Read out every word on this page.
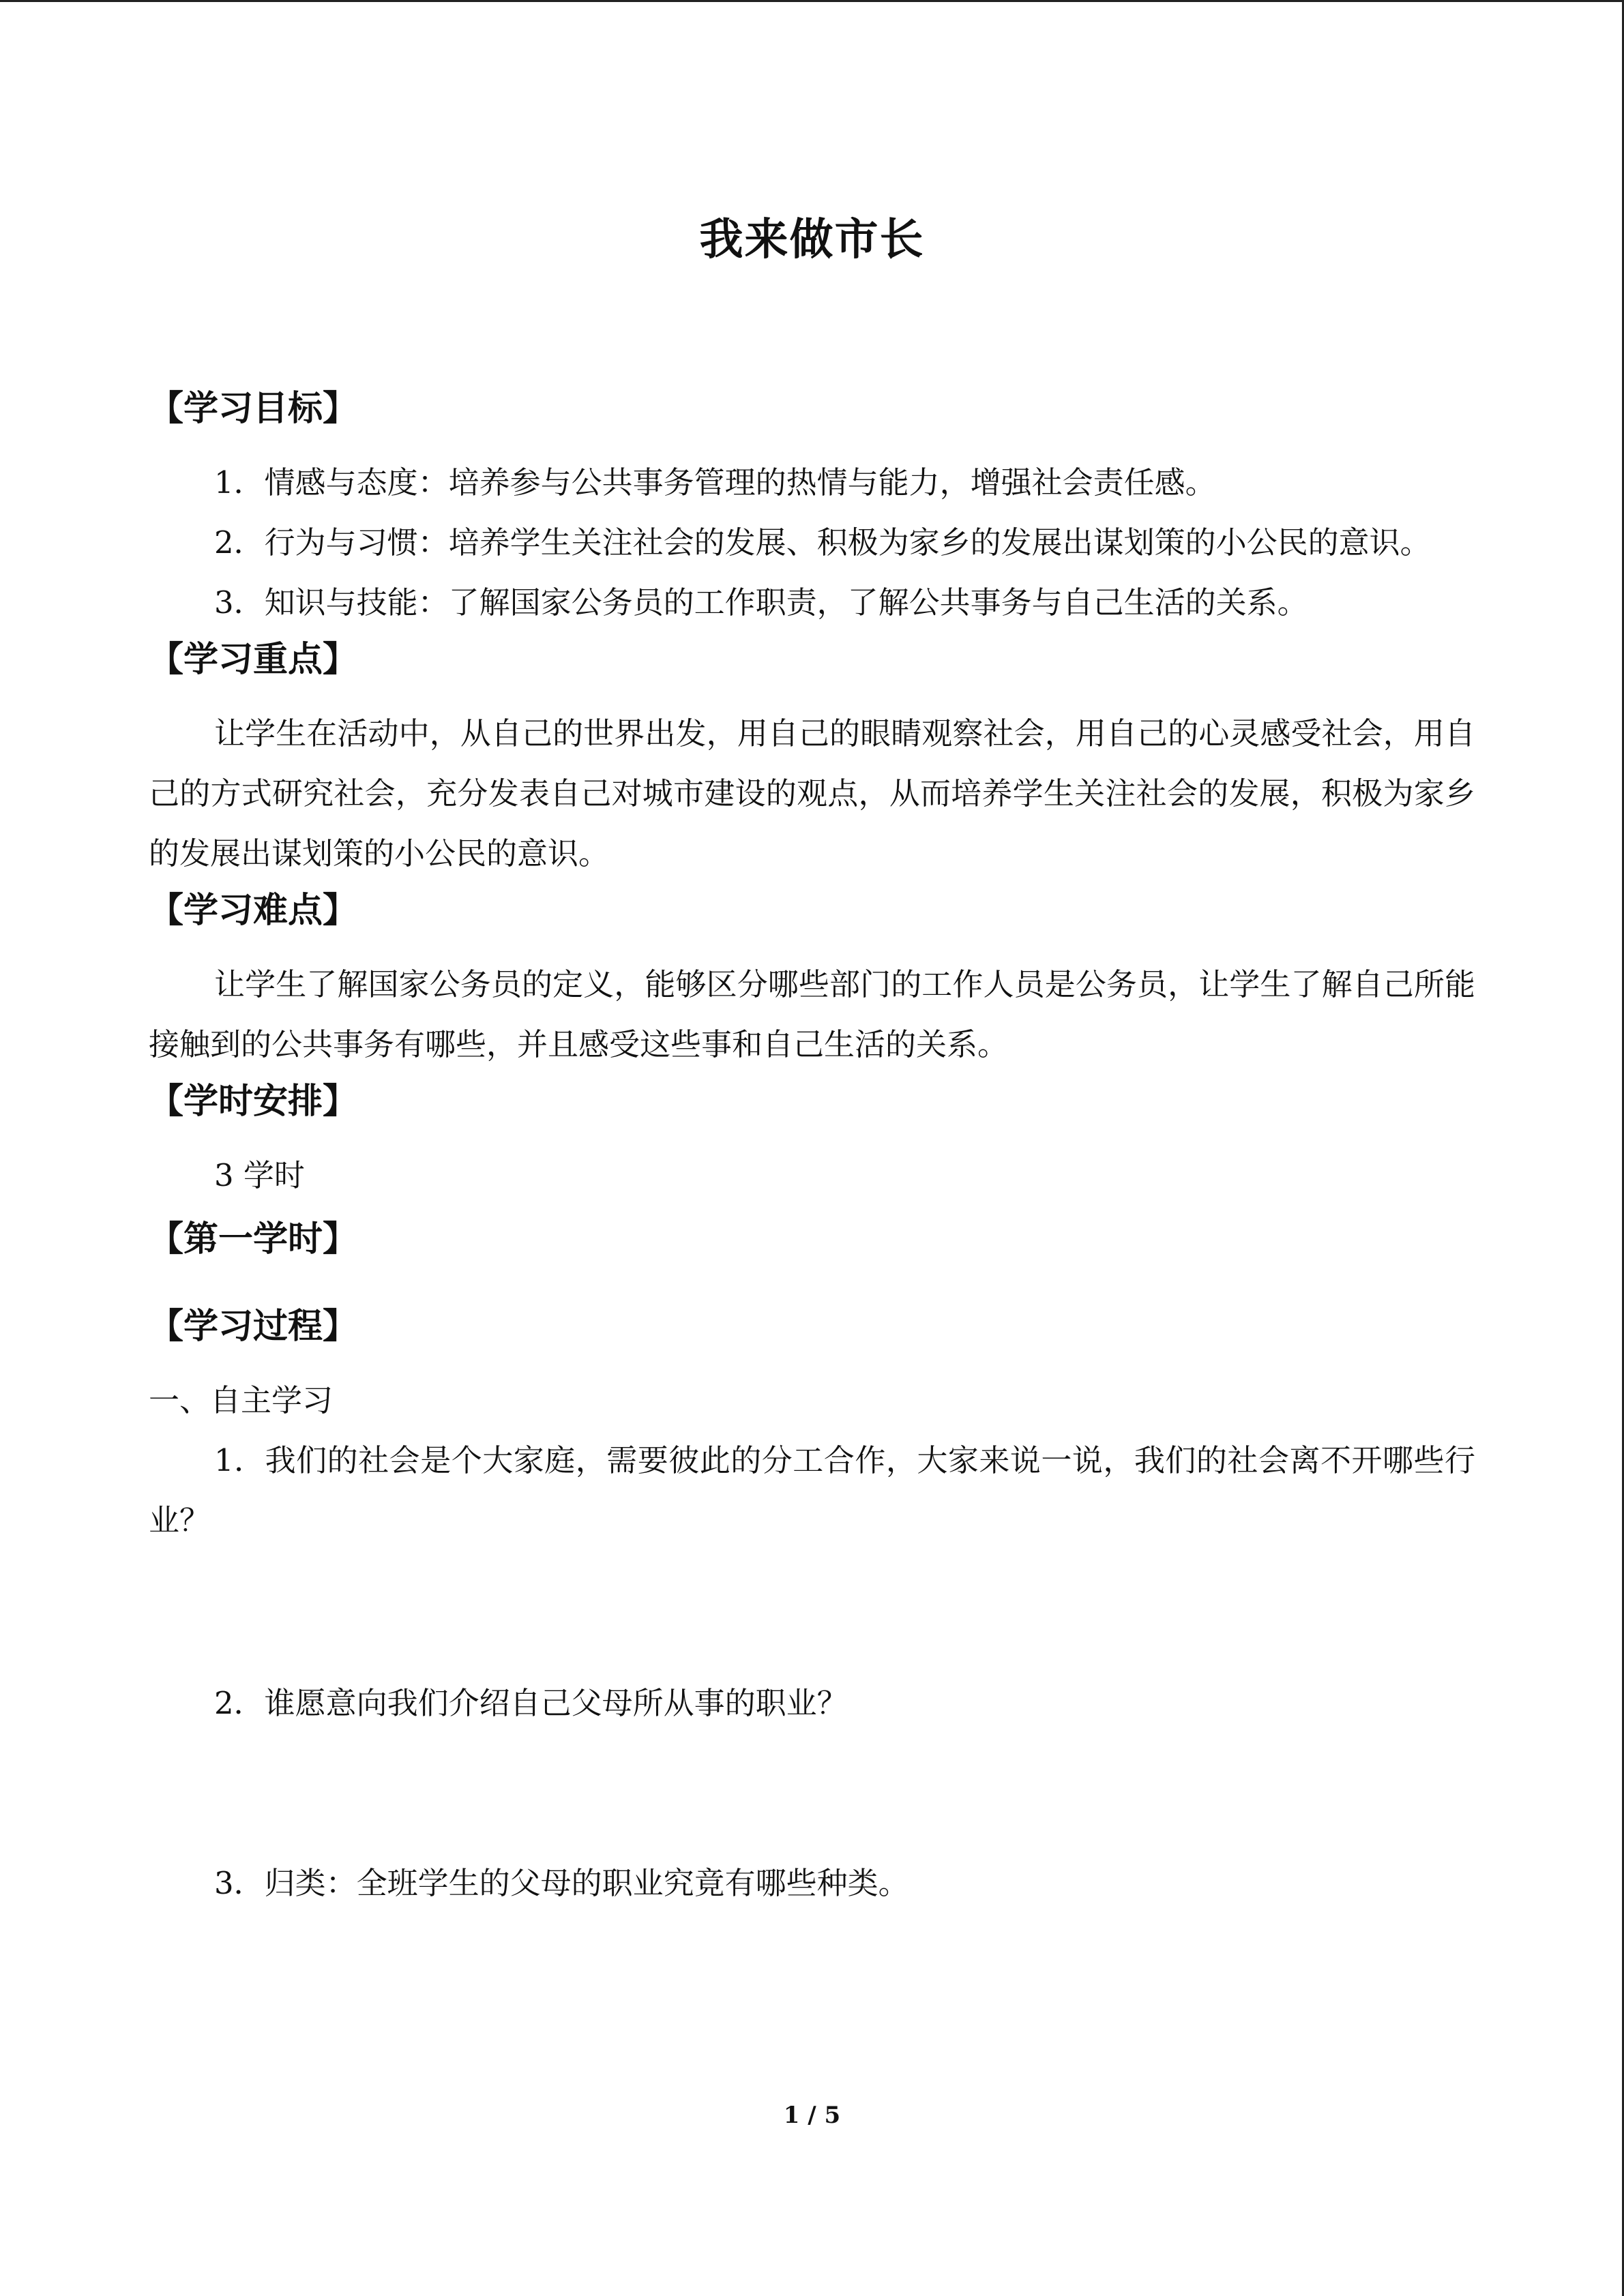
我来做市长

【学习目标】

1．情感与态度：培养参与公共事务管理的热情与能力，增强社会责任感。

2．行为与习惯：培养学生关注社会的发展、积极为家乡的发展出谋划策的小公民的意识。

3．知识与技能：了解国家公务员的工作职责，了解公共事务与自己生活的关系。

【学习重点】

让学生在活动中，从自己的世界出发，用自己的眼睛观察社会，用自己的心灵感受社会，用自己的方式研究社会，充分发表自己对城市建设的观点，从而培养学生关注社会的发展，积极为家乡的发展出谋划策的小公民的意识。

【学习难点】

让学生了解国家公务员的定义，能够区分哪些部门的工作人员是公务员，让学生了解自己所能接触到的公共事务有哪些，并且感受这些事和自己生活的关系。

【学时安排】

3 学时

【第一学时】

【学习过程】

一、自主学习

1．我们的社会是个大家庭，需要彼此的分工合作，大家来说一说，我们的社会离不开哪些行业？

2．谁愿意向我们介绍自己父母所从事的职业？

3．归类：全班学生的父母的职业究竟有哪些种类。

1 / 5
